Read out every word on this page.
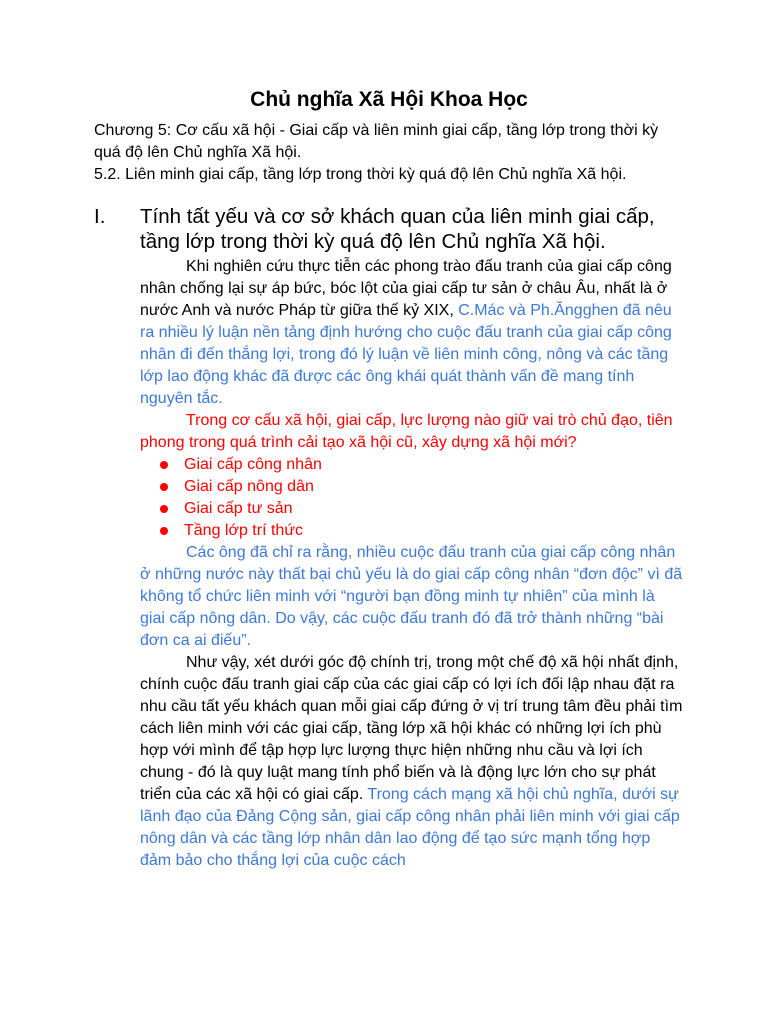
Chủ nghĩa Xã Hội Khoa Học

Chương 5: Cơ cấu xã hội - Giai cấp và liên minh giai cấp, tầng lớp trong thời kỳ quá độ lên Chủ nghĩa Xã hội.

5.2. Liên minh giai cấp, tầng lớp trong thời kỳ quá độ lên Chủ nghĩa Xã hội.

I.	Tính tất yếu và cơ sở khách quan của liên minh giai cấp, tầng lớp trong thời kỳ quá độ lên Chủ nghĩa Xã hội.

Khi nghiên cứu thực tiễn các phong trào đấu tranh của giai cấp công nhân chống lại sự áp bức, bóc lột của giai cấp tư sản ở châu Âu, nhất là ở nước Anh và nước Pháp từ giữa thế kỷ XIX, C.Mác và Ph.Ăngghen đã nêu ra nhiều lý luận nền tảng định hướng cho cuộc đấu tranh của giai cấp công nhân đi đến thắng lợi, trong đó lý luận về liên minh công, nông và các tầng lớp lao động khác đã được các ông khái quát thành vấn đề mang tính nguyên tắc.

Trong cơ cấu xã hội, giai cấp, lực lượng nào giữ vai trò chủ đạo, tiên phong trong quá trình cải tạo xã hội cũ, xây dựng xã hội mới?

Giai cấp công nhân
Giai cấp nông dân
Giai cấp tư sản
Tầng lớp trí thức

Các ông đã chỉ ra rằng, nhiều cuộc đấu tranh của giai cấp công nhân ở những nước này thất bại chủ yếu là do giai cấp công nhân “đơn độc” vì đã không tổ chức liên minh với “người bạn đồng minh tự nhiên” của mình là giai cấp nông dân. Do vậy, các cuộc đấu tranh đó đã trở thành những “bài đơn ca ai điếu”.

Như vậy, xét dưới góc độ chính trị, trong một chế độ xã hội nhất định, chính cuộc đấu tranh giai cấp của các giai cấp có lợi ích đối lập nhau đặt ra nhu cầu tất yếu khách quan mỗi giai cấp đứng ở vị trí trung tâm đều phải tìm cách liên minh với các giai cấp, tầng lớp xã hội khác có những lợi ích phù hợp với mình để tập hợp lực lượng thực hiện những nhu cầu và lợi ích chung - đó là quy luật mang tính phổ biến và là động lực lớn cho sự phát triển của các xã hội có giai cấp. Trong cách mạng xã hội chủ nghĩa, dưới sự lãnh đạo của Đảng Cộng sản, giai cấp công nhân phải liên minh với giai cấp nông dân và các tầng lớp nhân dân lao động để tạo sức mạnh tổng hợp đảm bảo cho thắng lợi của cuộc cách
